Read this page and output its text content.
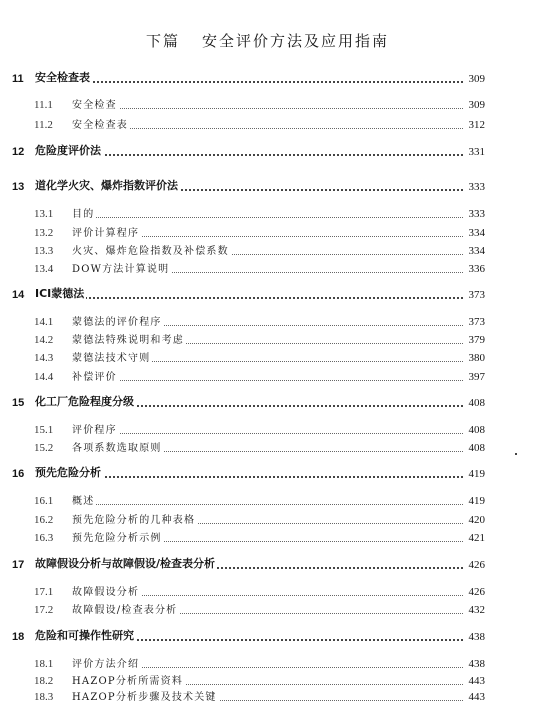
下篇 安全评价方法及应用指南
11 安全检查表	309
11.1 安全检查	309
11.2 安全检查表	312
12 危险度评价法	331
13 道化学火灾、爆炸指数评价法	333
13.1 目的	333
13.2 评价计算程序	334
13.3 火灾、爆炸危险指数及补偿系数	334
13.4 DOW方法计算说明	336
14 ICI蒙德法	373
14.1 蒙德法的评价程序	373
14.2 蒙德法特殊说明和考虑	379
14.3 蒙德法技术守则	380
14.4 补偿评价	397
15 化工厂危险程度分级	408
15.1 评价程序	408
15.2 各项系数选取原则	408
16 预先危险分析	419
16.1 概述	419
16.2 预先危险分析的几种表格	420
16.3 预先危险分析示例	421
17 故障假设分析与故障假设/检查表分析	426
17.1 故障假设分析	426
17.2 故障假设/检查表分析	432
18 危险和可操作性研究	438
18.1 评价方法介绍	438
18.2 HAZOP分析所需资料	443
18.3 HAZOP分析步骤及技术关键	443
